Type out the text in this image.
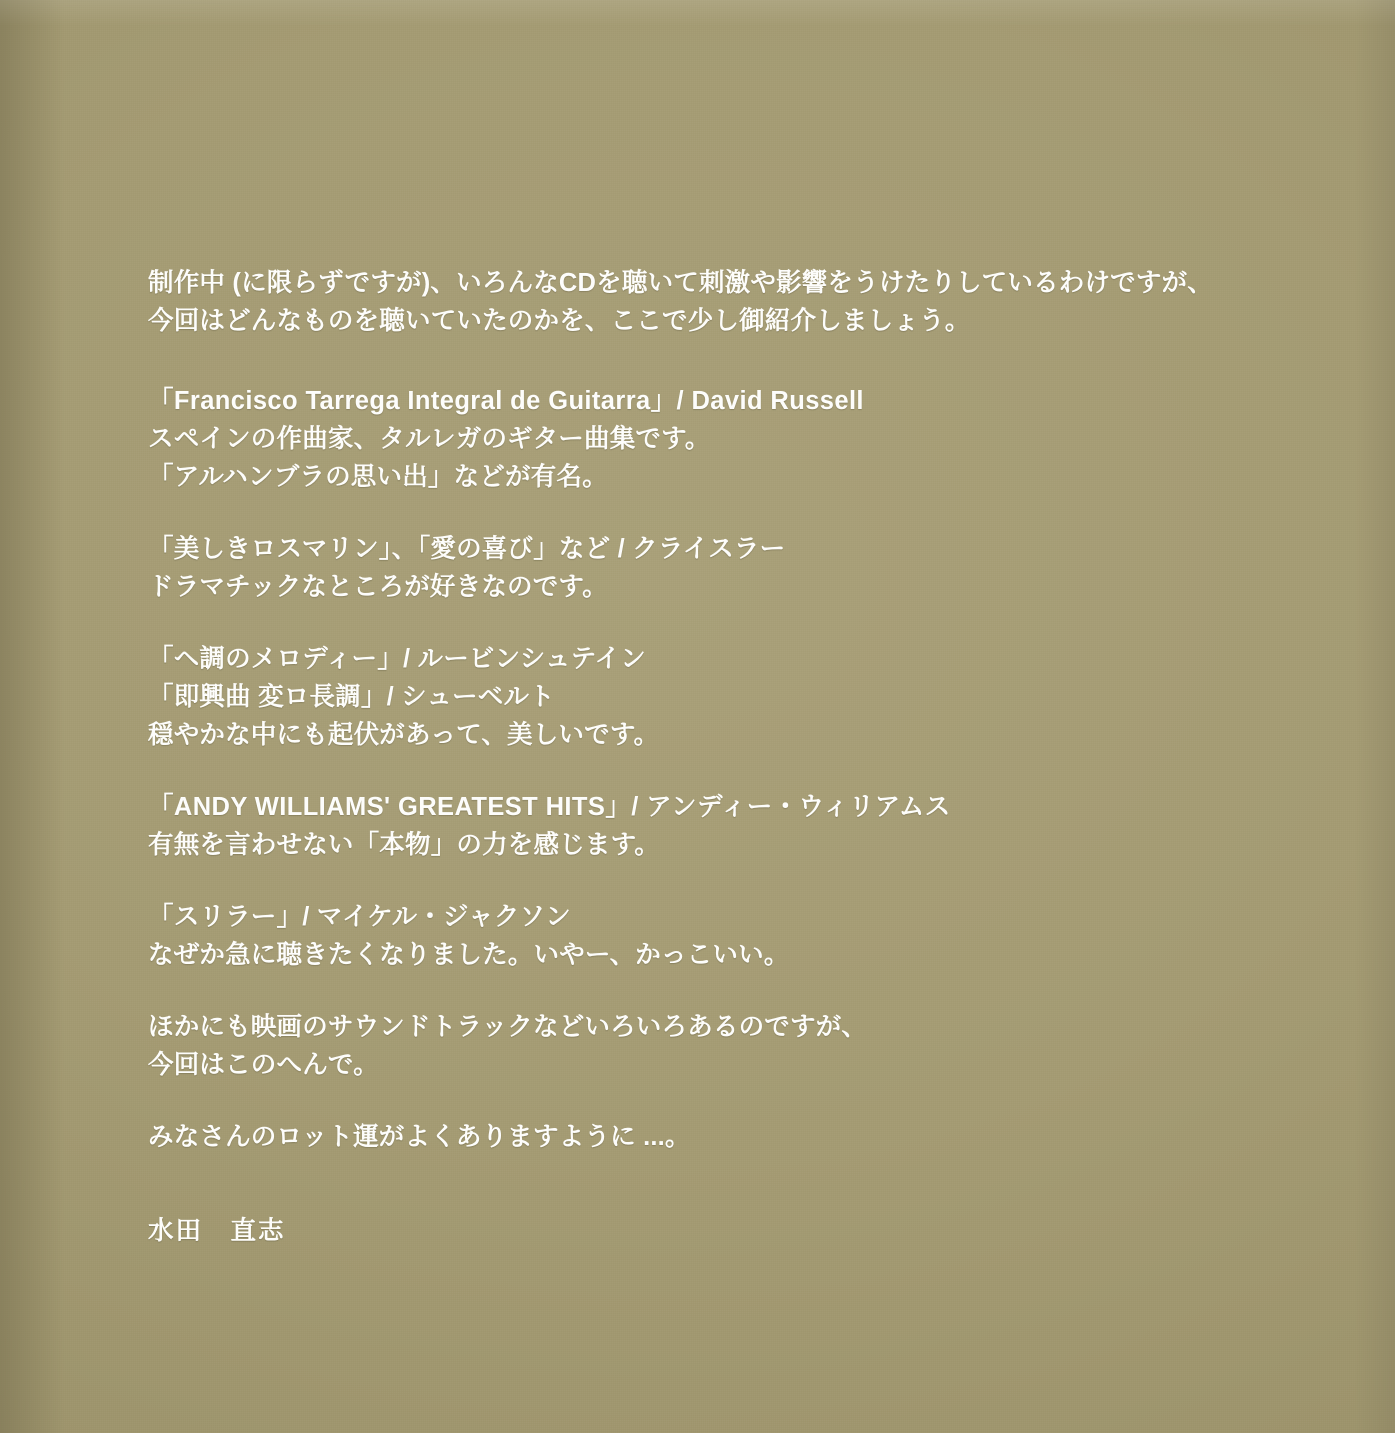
制作中 (に限らずですが)、いろんなCDを聴いて刺激や影響をうけたりしているわけですが、
今回はどんなものを聴いていたのかを、ここで少し御紹介しましょう。
「Francisco Tarrega Integral de Guitarra」/ David Russell
スペインの作曲家、タルレガのギター曲集です。
「アルハンブラの思い出」などが有名。
「美しきロスマリン」、「愛の喜び」など / クライスラー
ドラマチックなところが好きなのです。
「ヘ調のメロディー」/ ルービンシュテイン
「即興曲 変ロ長調」/ シューベルト
穏やかな中にも起伏があって、美しいです。
「ANDY WILLIAMS' GREATEST HITS」/ アンディー・ウィリアムス
有無を言わせない「本物」の力を感じます。
「スリラー」/ マイケル・ジャクソン
なぜか急に聴きたくなりました。いやー、かっこいい。
ほかにも映画のサウンドトラックなどいろいろあるのですが、
今回はこのへんで。
みなさんのロット運がよくありますように ...。
水田　直志
